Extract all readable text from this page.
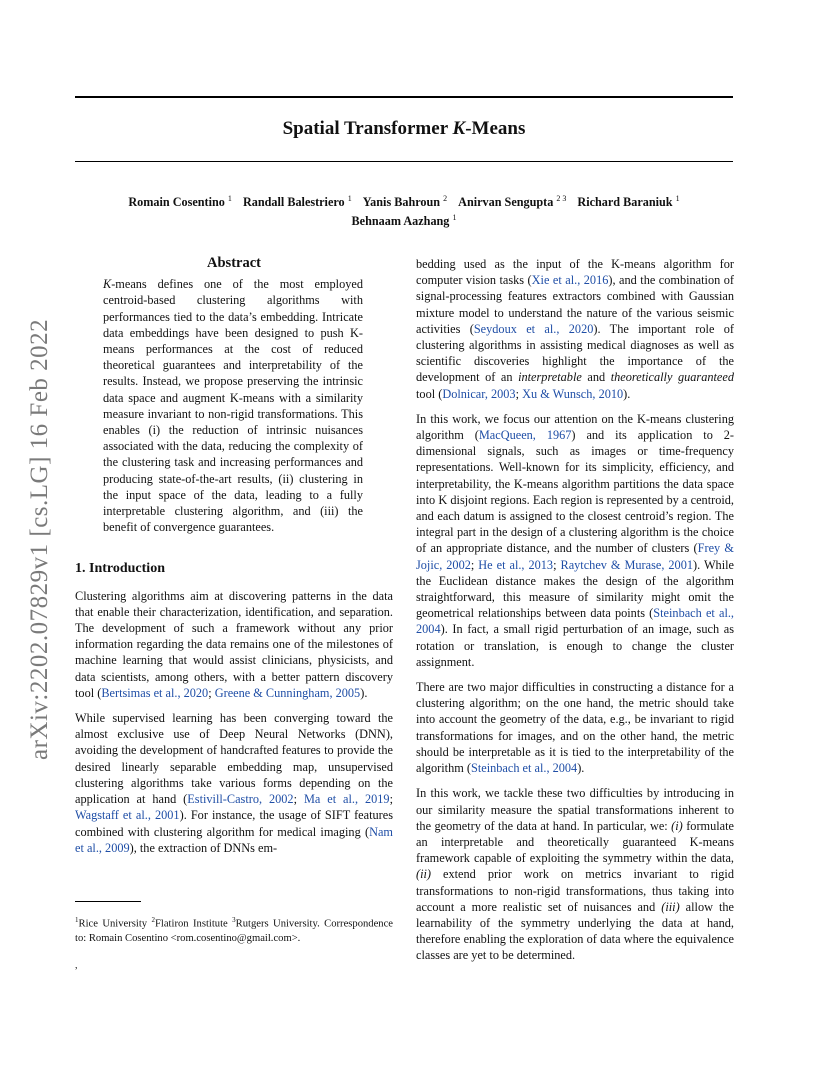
Spatial Transformer K-Means
Romain Cosentino $^1$ Randall Balestriero $^1$ Yanis Bahroun $^2$ Anirvan Sengupta $^{2 3}$ Richard Baraniuk $^1$
Behnaam Aazhang $^1$
arXiv:2202.07829v1 [cs.LG] 16 Feb 2022
Abstract

K-means defines one of the most employed centroid-based clustering algorithms with performances tied to the data’s embedding. Intricate data embeddings have been designed to push K-means performances at the cost of reduced theoretical guarantees and interpretability of the results. Instead, we propose preserving the intrinsic data space and augment K-means with a similarity measure invariant to non-rigid transformations. This enables (i) the reduction of intrinsic nuisances associated with the data, reducing the complexity of the clustering task and increasing performances and producing state-of-the-art results, (ii) clustering in the input space of the data, leading to a fully interpretable clustering algorithm, and (iii) the benefit of convergence guarantees.

1. Introduction

Clustering algorithms aim at discovering patterns in the data that enable their characterization, identification, and separation. The development of such a framework without any prior information regarding the data remains one of the milestones of machine learning that would assist clinicians, physicists, and data scientists, among others, with a better pattern discovery tool (Bertsimas et al., 2020; Greene & Cunningham, 2005).

While supervised learning has been converging toward the almost exclusive use of Deep Neural Networks (DNN), avoiding the development of handcrafted features to provide the desired linearly separable embedding map, unsupervised clustering algorithms take various forms depending on the application at hand (Estivill-Castro, 2002; Ma et al., 2019; Wagstaff et al., 2001). For instance, the usage of SIFT features combined with clustering algorithm for medical imaging (Nam et al., 2009), the extraction of DNNs em-

$^1$Rice University $^2$Flatiron Institute $^3$Rutgers University. Correspondence to: Romain Cosentino <rom.cosentino@gmail.com>.
,

bedding used as the input of the K-means algorithm for computer vision tasks (Xie et al., 2016), and the combination of signal-processing features extractors combined with Gaussian mixture model to understand the nature of the various seismic activities (Seydoux et al., 2020). The important role of clustering algorithms in assisting medical diagnoses as well as scientific discoveries highlight the importance of the development of an interpretable and theoretically guaranteed tool (Dolnicar, 2003; Xu & Wunsch, 2010).

In this work, we focus our attention on the K-means clustering algorithm (MacQueen, 1967) and its application to 2-dimensional signals, such as images or time-frequency representations. Well-known for its simplicity, efficiency, and interpretability, the K-means algorithm partitions the data space into K disjoint regions. Each region is represented by a centroid, and each datum is assigned to the closest centroid’s region. The integral part in the design of a clustering algorithm is the choice of an appropriate distance, and the number of clusters (Frey & Jojic, 2002; He et al., 2013; Raytchev & Murase, 2001). While the Euclidean distance makes the design of the algorithm straightforward, this measure of similarity might omit the geometrical relationships between data points (Steinbach et al., 2004). In fact, a small rigid perturbation of an image, such as rotation or translation, is enough to change the cluster assignment.

There are two major difficulties in constructing a distance for a clustering algorithm; on the one hand, the metric should take into account the geometry of the data, e.g., be invariant to rigid transformations for images, and on the other hand, the metric should be interpretable as it is tied to the interpretability of the algorithm (Steinbach et al., 2004).

In this work, we tackle these two difficulties by introducing in our similarity measure the spatial transformations inherent to the geometry of the data at hand. In particular, we: (i) formulate an interpretable and theoretically guaranteed K-means framework capable of exploiting the symmetry within the data, (ii) extend prior work on metrics invariant to rigid transformations to non-rigid transformations, thus taking into account a more realistic set of nuisances and (iii) allow the learnability of the symmetry underlying the data at hand, therefore enabling the exploration of data where the equivalence classes are yet to be determined.
